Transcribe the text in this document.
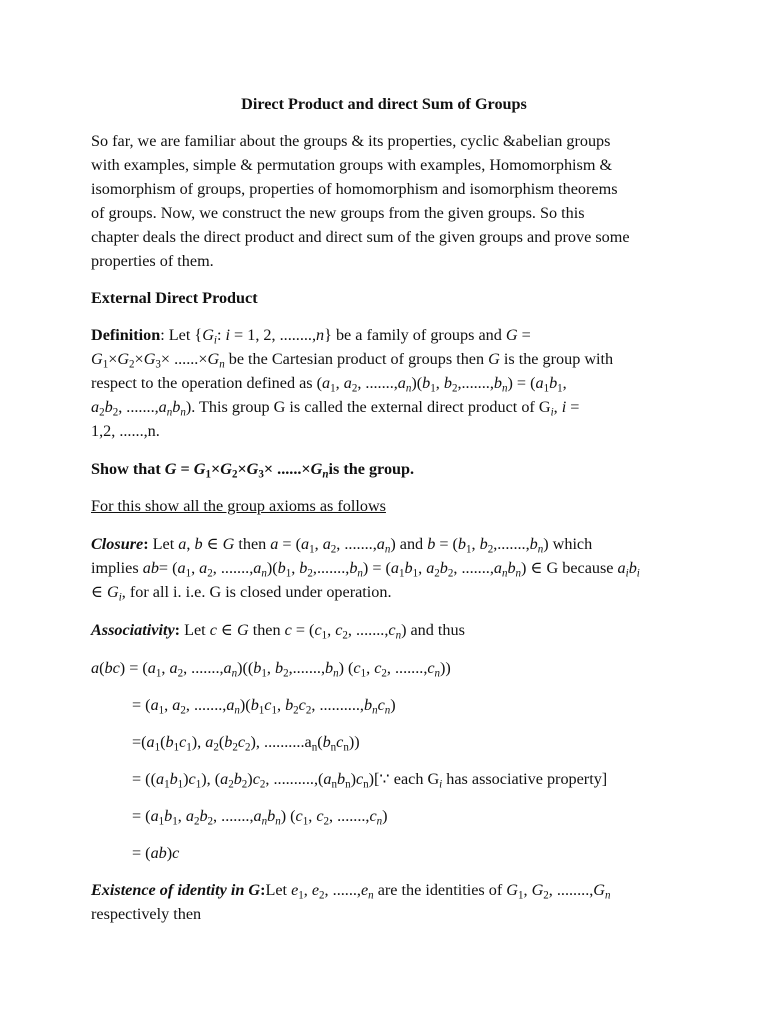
Direct Product and direct Sum of Groups
So far, we are familiar about the groups & its properties, cyclic &abelian groups
with examples, simple & permutation groups with examples, Homomorphism &
isomorphism of groups, properties of homomorphism and isomorphism theorems
of groups. Now, we construct the new groups from the given groups. So this
chapter deals the direct product and direct sum of the given groups and prove some
properties of them.
External Direct Product
Definition: Let {$G_i$: i = 1, 2, ........,n} be a family of groups and G =
$G_1\times G_2\times G_3\times ......\times G_n$ be the Cartesian product of groups then G is the group with
respect to the operation defined as ($a_1$, $a_2$, $.......,a_n)(b_1$, $b_2,.......,b_n) = (a_1b_1$,
$a_2b_2$, $.......,a_nb_n$). This group G is called the external direct product of $G_i$, i =
1,2, ......,n.
Show that $G = G_1\times G_2\times G_3\times ......\times G_nis$ the group.
For this show all the group axioms as follows
Closure: Let a, b ∈ G then $a = (a_1$, $a_2$, $.......,a_n$) and $b = (b_1$, $b_2,.......,b_n$) which
implies $ab= (a_1$, $a_2$, $.......,a_n)(b_1$, $b_2,.......,b_n) = (a_1b_1$, $a_2b_2$, $.......,a_nb_n$) ∈ G because $a_ib_i$
∈ $G_i$, for all i. i.e. G is closed under operation.
Associativity: Let c ∈ G then $c = (c_1$, $c_2$, $.......,c_n$) and thus
$a(bc) = (a_1$, $a_2$, $.......,a_n)((b_1$, $b_2,.......,b_n$) ($c_1$, $c_2$, $.......,c_n$))
= ($a_1$, $a_2$, $.......,a_n)(b_1c_1$, $b_2c_2$, $..........,b_nc_n$)
$=(a_1(b_1c_1)$, $a_2(b_2c_2)$, $..........a_n(b_nc_n)$)
= $((a_1b_1)c_1)$, $(a_2b_2)c_2$, $..........,(a_nb_n)c_n)[\because$ each $G_i$ has associative property]
= ($a_1b_1$, $a_2b_2$, $.......,a_nb_n$) ($c_1$, $c_2$, $.......,c_n$)
= (ab)c
Existence of identity in G:Let $e_1$, $e_2$, $......,e_n$ are the identities of $G_1$, $G_2$, $........,G_n$
respectively then
